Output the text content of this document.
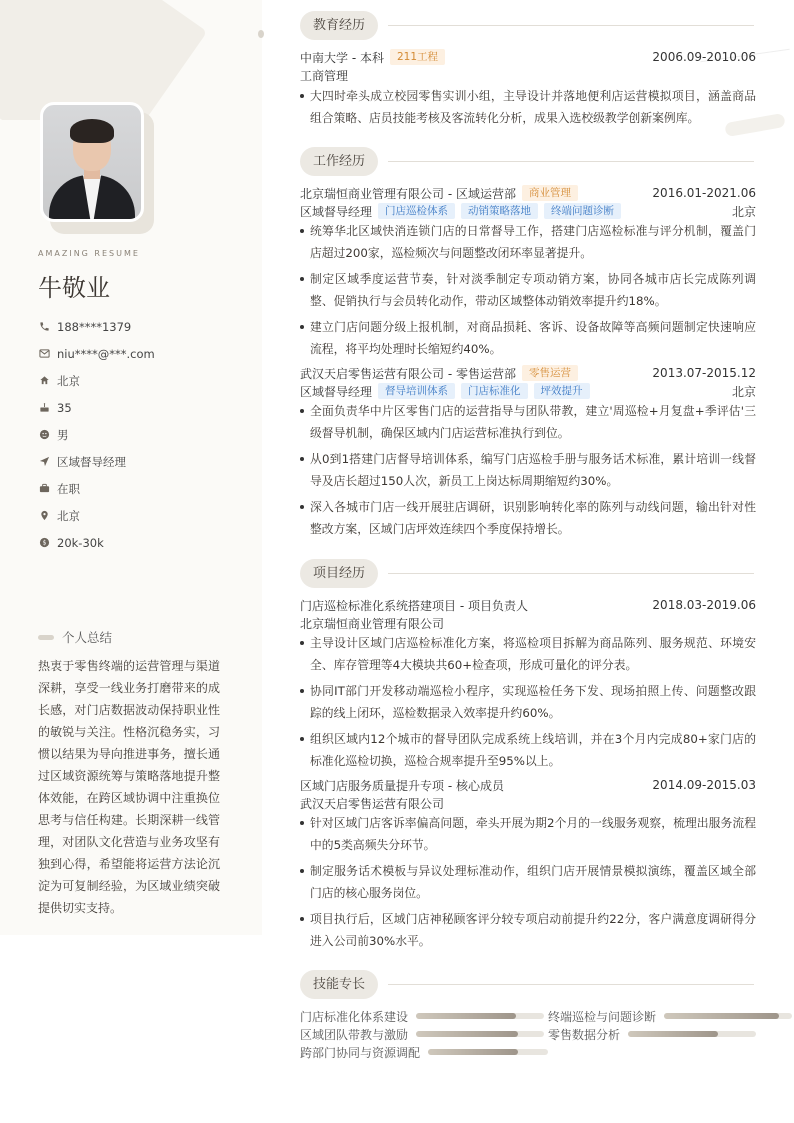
AMAZING RESUME
牛敬业
188****1379
niu****@***.com
北京
35
男
区域督导经理
在职
北京
$ 20k-30k
个人总结
热衷于零售终端的运营管理与渠道深耕，享受一线业务打磨带来的成长感，对门店数据波动保持职业性的敏锐与关注。性格沉稳务实，习惯以结果为导向推进事务，擅长通过区域资源统筹与策略落地提升整体效能，在跨区域协调中注重换位思考与信任构建。长期深耕一线管理，对团队文化营造与业务攻坚有独到心得，希望能将运营方法论沉淀为可复制经验，为区域业绩突破提供切实支持。
教育经历
中南大学 - 本科	211工程	2006.09-2010.06
工商管理
大四时牵头成立校园零售实训小组，主导设计并落地便利店运营模拟项目，涵盖商品组合策略、店员技能考核及客流转化分析，成果入选校级教学创新案例库。
工作经历
北京瑞恒商业管理有限公司 - 区域运营部	商业管理	2016.01-2021.06
区域督导经理	门店巡检体系	动销策略落地	终端问题诊断	北京
统筹华北区域快消连锁门店的日常督导工作，搭建门店巡检标准与评分机制，覆盖门店超过200家，巡检频次与问题整改闭环率显著提升。
制定区域季度运营节奏，针对淡季制定专项动销方案，协同各城市店长完成陈列调整、促销执行与会员转化动作，带动区域整体动销效率提升约18%。
建立门店问题分级上报机制，对商品损耗、客诉、设备故障等高频问题制定快速响应流程，将平均处理时长缩短约40%。
武汉天启零售运营有限公司 - 零售运营部	零售运营	2013.07-2015.12
区域督导经理	督导培训体系	门店标准化	坪效提升	北京
全面负责华中片区零售门店的运营指导与团队带教，建立'周巡检+月复盘+季评估'三级督导机制，确保区域内门店运营标准执行到位。
从0到1搭建门店督导培训体系，编写门店巡检手册与服务话术标准，累计培训一线督导及店长超过150人次，新员工上岗达标周期缩短约30%。
深入各城市门店一线开展驻店调研，识别影响转化率的陈列与动线问题，输出针对性整改方案，区域门店坪效连续四个季度保持增长。
项目经历
门店巡检标准化系统搭建项目 - 项目负责人	2018.03-2019.06
北京瑞恒商业管理有限公司
主导设计区域门店巡检标准化方案，将巡检项目拆解为商品陈列、服务规范、环境安全、库存管理等4大模块共60+检查项，形成可量化的评分表。
协同IT部门开发移动端巡检小程序，实现巡检任务下发、现场拍照上传、问题整改跟踪的线上闭环，巡检数据录入效率提升约60%。
组织区域内12个城市的督导团队完成系统上线培训，并在3个月内完成80+家门店的标准化巡检切换，巡检合规率提升至95%以上。
区域门店服务质量提升专项 - 核心成员	2014.09-2015.03
武汉天启零售运营有限公司
针对区域门店客诉率偏高问题，牵头开展为期2个月的一线服务观察，梳理出服务流程中的5类高频失分环节。
制定服务话术模板与异议处理标准动作，组织门店开展情景模拟演练，覆盖区域全部门店的核心服务岗位。
项目执行后，区域门店神秘顾客评分较专项启动前提升约22分，客户满意度调研得分进入公司前30%水平。
技能专长
门店标准化体系建设	终端巡检与问题诊断
区域团队带教与激励	零售数据分析
跨部门协同与资源调配
